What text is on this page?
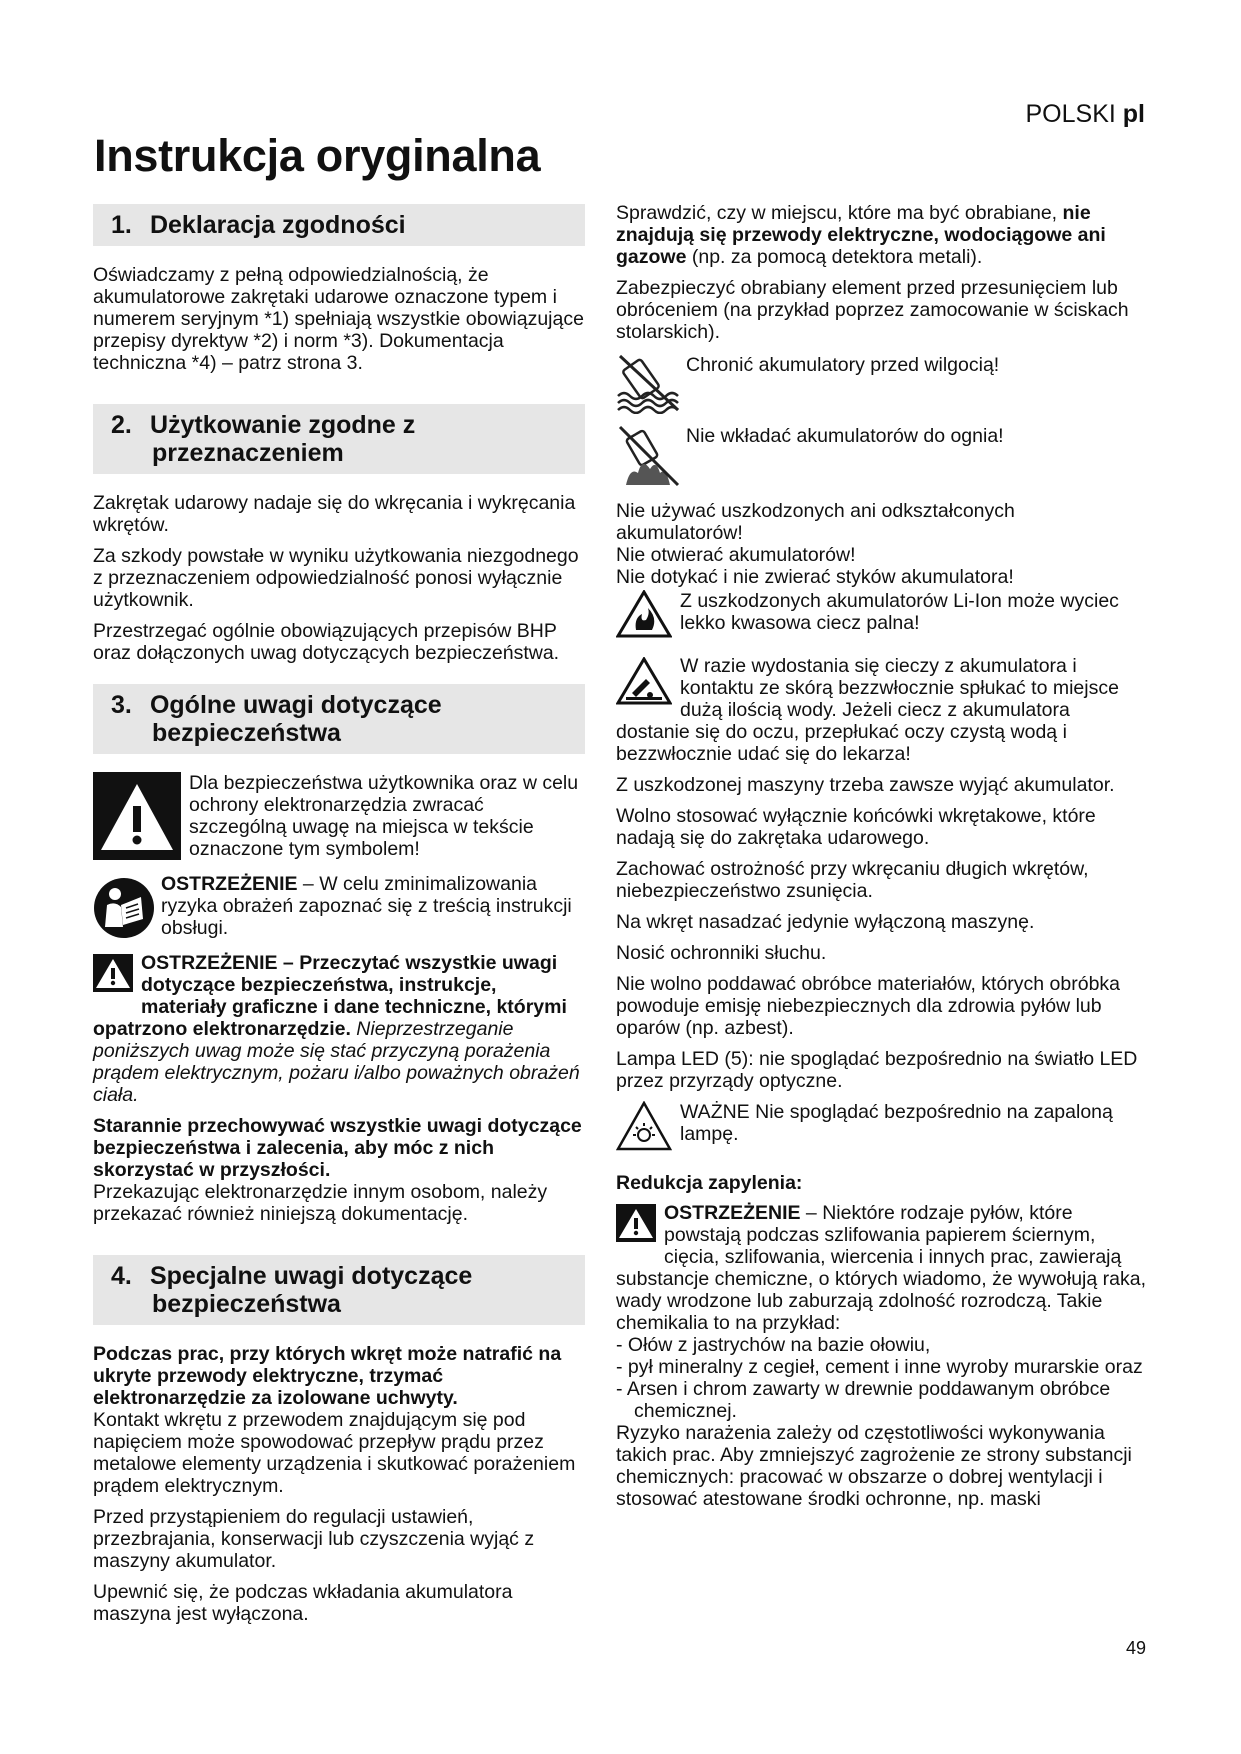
POLSKI pl
Instrukcja oryginalna
1. Deklaracja zgodności

Oświadczamy z pełną odpowiedzialnością, że akumulatorowe zakrętaki udarowe oznaczone typem i numerem seryjnym *1) spełniają wszystkie obowiązujące przepisy dyrektyw *2) i norm *3). Dokumentacja techniczna *4) – patrz strona 3.

2. Użytkowanie zgodne z
przeznaczeniem

Zakrętak udarowy nadaje się do wkręcania i wykręcania wkrętów.

Za szkody powstałe w wyniku użytkowania niezgodnego z przeznaczeniem odpowiedzialność ponosi wyłącznie użytkownik.

Przestrzegać ogólnie obowiązujących przepisów BHP oraz dołączonych uwag dotyczących bezpieczeństwa.

3. Ogólne uwagi dotyczące
bezpieczeństwa
Dla bezpieczeństwa użytkownika oraz w celu ochrony elektronarzędzia zwracać szczególną uwagę na miejsca w tekście oznaczone tym symbolem!
OSTRZEŻENIE – W celu zminimalizowania ryzyka obrażeń zapoznać się z treścią instrukcji obsługi.

OSTRZEŻENIE – Przeczytać wszystkie uwagi dotyczące bezpieczeństwa, instrukcje, materiały graficzne i dane techniczne, którymi opatrzono elektronarzędzie. Nieprzestrzeganie poniższych uwag może się stać przyczyną porażenia prądem elektrycznym, pożaru i/albo poważnych obrażeń ciała.

Starannie przechowywać wszystkie uwagi dotyczące bezpieczeństwa i zalecenia, aby móc z nich skorzystać w przyszłości.
Przekazując elektronarzędzie innym osobom, należy przekazać również niniejszą dokumentację.

4. Specjalne uwagi dotyczące
bezpieczeństwa

Podczas prac, przy których wkręt może natrafić na ukryte przewody elektryczne, trzymać elektronarzędzie za izolowane uchwyty.
Kontakt wkrętu z przewodem znajdującym się pod napięciem może spowodować przepływ prądu przez metalowe elementy urządzenia i skutkować porażeniem prądem elektrycznym.

Przed przystąpieniem do regulacji ustawień, przezbrajania, konserwacji lub czyszczenia wyjąć z maszyny akumulator.

Upewnić się, że podczas wkładania akumulatora maszyna jest wyłączona.

Sprawdzić, czy w miejscu, które ma być obrabiane, nie znajdują się przewody elektryczne, wodociągowe ani gazowe (np. za pomocą detektora metali).

Zabezpieczyć obrabiany element przed przesunięciem lub obróceniem (na przykład poprzez zamocowanie w ściskach stolarskich).

Chronić akumulatory przed wilgocią!
Nie wkładać akumulatorów do ognia!

Nie używać uszkodzonych ani odkształconych akumulatorów!

Nie otwierać akumulatorów!

Nie dotykać i nie zwierać styków akumulatora!

Z uszkodzonych akumulatorów Li-Ion może wyciec lekko kwasowa ciecz palna!

W razie wydostania się cieczy z akumulatora i kontaktu ze skórą bezzwłocznie spłukać to miejsce dużą ilością wody. Jeżeli ciecz z akumulatora dostanie się do oczu, przepłukać oczy czystą wodą i bezzwłocznie udać się do lekarza!

Z uszkodzonej maszyny trzeba zawsze wyjąć akumulator.

Wolno stosować wyłącznie końcówki wkrętakowe, które nadają się do zakrętaka udarowego.

Zachować ostrożność przy wkręcaniu długich wkrętów, niebezpieczeństwo zsunięcia.

Na wkręt nasadzać jedynie wyłączoną maszynę.

Nosić ochronniki słuchu.

Nie wolno poddawać obróbce materiałów, których obróbka powoduje emisję niebezpiecznych dla zdrowia pyłów lub oparów (np. azbest).

Lampa LED (5): nie spoglądać bezpośrednio na światło LED przez przyrządy optyczne.

WAŻNE Nie spoglądać bezpośrednio na zapaloną lampę.
Redukcja zapylenia:

OSTRZEŻENIE – Niektóre rodzaje pyłów, które powstają podczas szlifowania papierem ściernym, cięcia, szlifowania, wiercenia i innych prac, zawierają substancje chemiczne, o których wiadomo, że wywołują raka, wady wrodzone lub zaburzają zdolność rozrodczą. Takie chemikalia to na przykład:

- Ołów z jastrychów na bazie ołowiu,
- pył mineralny z cegieł, cement i inne wyroby murarskie oraz
- Arsen i chrom zawarty w drewnie poddawanym obróbce chemicznej.

Ryzyko narażenia zależy od częstotliwości wykonywania takich prac. Aby zmniejszyć zagrożenie ze strony substancji chemicznych: pracować w obszarze o dobrej wentylacji i stosować atestowane środki ochronne, np. maski

49
